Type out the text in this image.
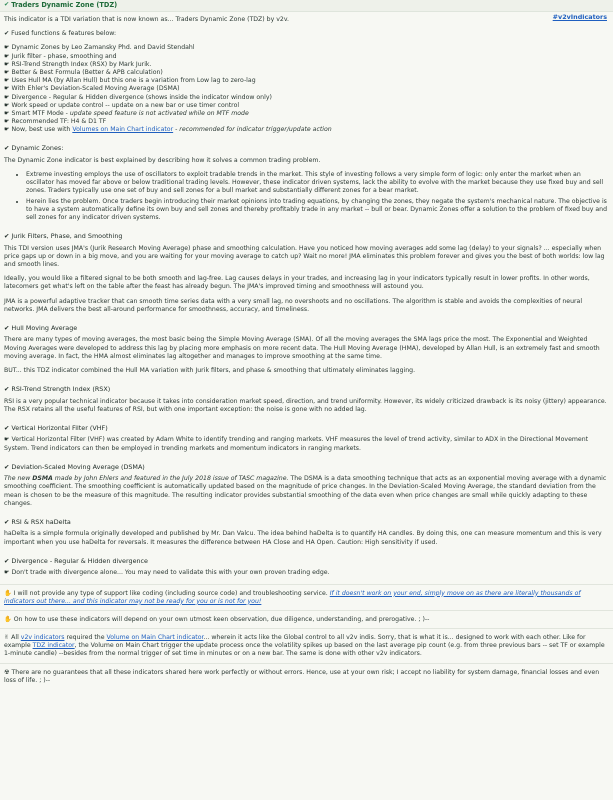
✔ Traders Dynamic Zone (TDZ)
#v2vIndicators

This indicator is a TDI variation that is now known as... Traders Dynamic Zone (TDZ) by v2v.

✔ Fused functions & features below:

☛ Dynamic Zones by Leo Zamansky Phd. and David Stendahl
☛ Jurik filter - phase, smoothing and
☛ RSI-Trend Strength Index (RSX) by Mark Jurik.
☛ Better & Best Formula (Better & APB calculation)
☛ Uses Hull MA (by Allan Hull) but this one is a variation from Low lag to zero-lag
☛ With Ehler's Deviation-Scaled Moving Average (DSMA)
☛ Divergence - Regular & Hidden divergence (shows inside the indicator window only)
☛ Work speed or update control -- update on a new bar or use timer control
☛ Smart MTF Mode - update speed feature is not activated while on MTF mode
☛ Recommended TF: H4 & D1 TF
☛ Now, best use with Volumes on Main Chart indicator - recommended for indicator trigger/update action
✔ Dynamic Zones:

The Dynamic Zone indicator is best explained by describing how it solves a common trading problem.

• Extreme investing employs the use of oscillators to exploit tradable trends in the market. This style of investing follows a very simple form of logic: only enter the market when an oscillator has moved far above or below traditional trading levels. However, these indicator driven systems, lack the ability to evolve with the market because they use fixed buy and sell zones. Traders typically use one set of buy and sell zones for a bull market and substantially different zones for a bear market.
• Herein lies the problem. Once traders begin introducing their market opinions into trading equations, by changing the zones, they negate the system's mechanical nature. The objective is to have a system automatically define its own buy and sell zones and thereby profitably trade in any market -- bull or bear. Dynamic Zones offer a solution to the problem of fixed buy and sell zones for any indicator driven systems.
✔ Jurik Filters, Phase, and Smoothing

This TDI version uses JMA's (Jurik Research Moving Average) phase and smoothing calculation. Have you noticed how moving averages add some lag (delay) to your signals? ... especially when price gaps up or down in a big move, and you are waiting for your moving average to catch up? Wait no more! JMA eliminates this problem forever and gives you the best of both worlds: low lag and smooth lines.

Ideally, you would like a filtered signal to be both smooth and lag-free. Lag causes delays in your trades, and increasing lag in your indicators typically result in lower profits. In other words, latecomers get what's left on the table after the feast has already begun. The JMA's improved timing and smoothness will astound you.

JMA is a powerful adaptive tracker that can smooth time series data with a very small lag, no overshoots and no oscillations. The algorithm is stable and avoids the complexities of neural networks. JMA delivers the best all-around performance for smoothness, accuracy, and timeliness.

✔ Hull Moving Average

There are many types of moving averages, the most basic being the Simple Moving Average (SMA). Of all the moving averages the SMA lags price the most. The Exponential and Weighted Moving Averages were developed to address this lag by placing more emphasis on more recent data. The Hull Moving Average (HMA), developed by Allan Hull, is an extremely fast and smooth moving average. In fact, the HMA almost eliminates lag altogether and manages to improve smoothing at the same time.

BUT... this TDZ indicator combined the Hull MA variation with Jurik filters, and phase & smoothing that ultimately eliminates lagging.

✔ RSI-Trend Strength Index (RSX)

RSI is a very popular technical indicator because it takes into consideration market speed, direction, and trend uniformity. However, its widely criticized drawback is its noisy (jittery) appearance. The RSX retains all the useful features of RSI, but with one important exception: the noise is gone with no added lag.

✔ Vertical Horizontal Filter (VHF)

☛ Vertical Horizontal Filter (VHF) was created by Adam White to identify trending and ranging markets. VHF measures the level of trend activity, similar to ADX in the Directional Movement System. Trend indicators can then be employed in trending markets and momentum indicators in ranging markets.

✔ Deviation-Scaled Moving Average (DSMA)

The new DSMA made by John Ehlers and featured in the July 2018 issue of TASC magazine. The DSMA is a data smoothing technique that acts as an exponential moving average with a dynamic smoothing coefficient. The smoothing coefficient is automatically updated based on the magnitude of price changes. In the Deviation-Scaled Moving Average, the standard deviation from the mean is chosen to be the measure of this magnitude. The resulting indicator provides substantial smoothing of the data even when price changes are small while quickly adapting to these changes.

✔ RSI & RSX haDelta

haDelta is a simple formula originally developed and published by Mr. Dan Valcu. The idea behind haDelta is to quantify HA candles. By doing this, one can measure momentum and this is very important when you use haDelta for reversals. It measures the difference between HA Close and HA Open. Caution: High sensitivity if used.

✔ Divergence - Regular & Hidden divergence

☛ Don't trade with divergence alone... You may need to validate this with your own proven trading edge.

✋ I will not provide any type of support like coding (including source code) and troubleshooting service. If it doesn't work on your end, simply move on as there are literally thousands of indicators out there... and this indicator may not be ready for you or is not for you!
✋ On how to use these indicators will depend on your own utmost keen observation, due diligence, understanding, and prerogative. ; )--
✌ All v2v indicators required the Volume on Main Chart indicator... wherein it acts like the Global control to all v2v indis. Sorry, that is what it is... designed to work with each other. Like for example TDZ indicator, the Volume on Main Chart trigger the update process once the volatility spikes up based on the last average pip count (e.g. from three previous bars -- set TF or example 1-minute candle) --besides from the normal trigger of set time in minutes or on a new bar. The same is done with other v2v indicators.
☢ There are no guarantees that all these indicators shared here work perfectly or without errors. Hence, use at your own risk; I accept no liability for system damage, financial losses and even loss of life. ; )--
